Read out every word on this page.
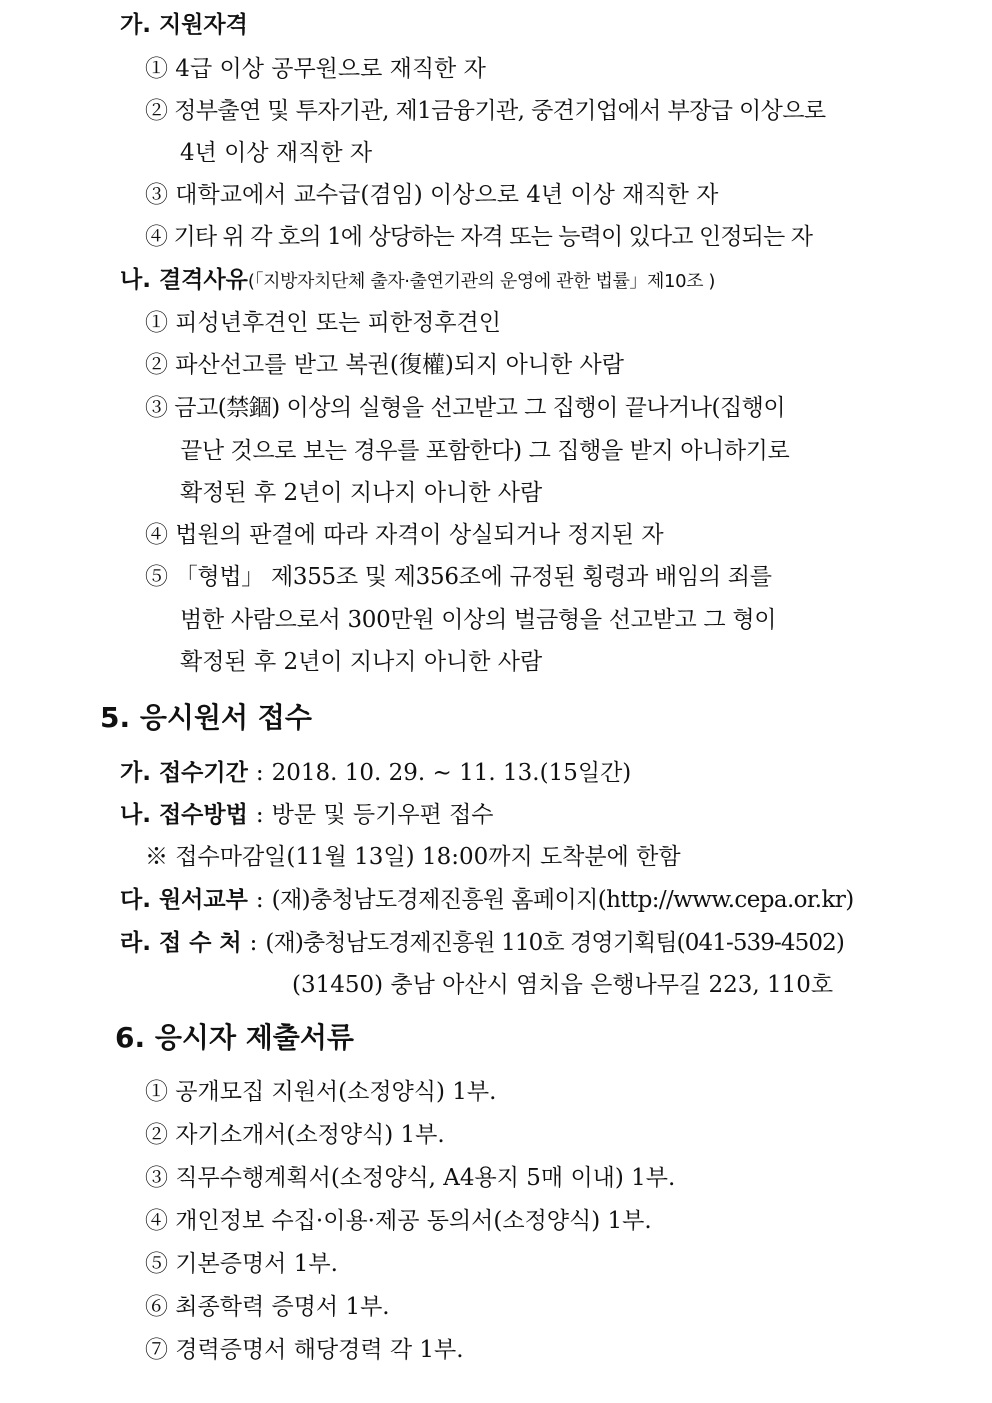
가. 지원자격
① 4급 이상 공무원으로 재직한 자
② 정부출연 및 투자기관, 제1금융기관, 중견기업에서 부장급 이상으로
4년 이상 재직한 자
③ 대학교에서 교수급(겸임) 이상으로 4년 이상 재직한 자
④ 기타 위 각 호의 1에 상당하는 자격 또는 능력이 있다고 인정되는 자
나. 결격사유(「지방자치단체 출자·출연기관의 운영에 관한 법률」제10조 )
① 피성년후견인 또는 피한정후견인
② 파산선고를 받고 복권(復權)되지 아니한 사람
③ 금고(禁錮) 이상의 실형을 선고받고 그 집행이 끝나거나(집행이
끝난 것으로 보는 경우를 포함한다) 그 집행을 받지 아니하기로
확정된 후 2년이 지나지 아니한 사람
④ 법원의 판결에 따라 자격이 상실되거나 정지된 자
⑤ 「형법」 제355조 및 제356조에 규정된 횡령과 배임의 죄를
범한 사람으로서 300만원 이상의 벌금형을 선고받고 그 형이
확정된 후 2년이 지나지 아니한 사람
5. 응시원서 접수
가. 접수기간 : 2018. 10. 29. ∼ 11. 13.(15일간)
나. 접수방법 : 방문 및 등기우편 접수
※ 접수마감일(11월 13일) 18:00까지 도착분에 한함
다. 원서교부 : (재)충청남도경제진흥원 홈페이지(http://www.cepa.or.kr)
라. 접 수 처 : (재)충청남도경제진흥원 110호 경영기획팀(041-539-4502)
(31450) 충남 아산시 염치읍 은행나무길 223, 110호
6. 응시자 제출서류
① 공개모집 지원서(소정양식) 1부.
② 자기소개서(소정양식) 1부.
③ 직무수행계획서(소정양식, A4용지 5매 이내) 1부.
④ 개인정보 수집·이용·제공 동의서(소정양식) 1부.
⑤ 기본증명서 1부.
⑥ 최종학력 증명서 1부.
⑦ 경력증명서 해당경력 각 1부.
